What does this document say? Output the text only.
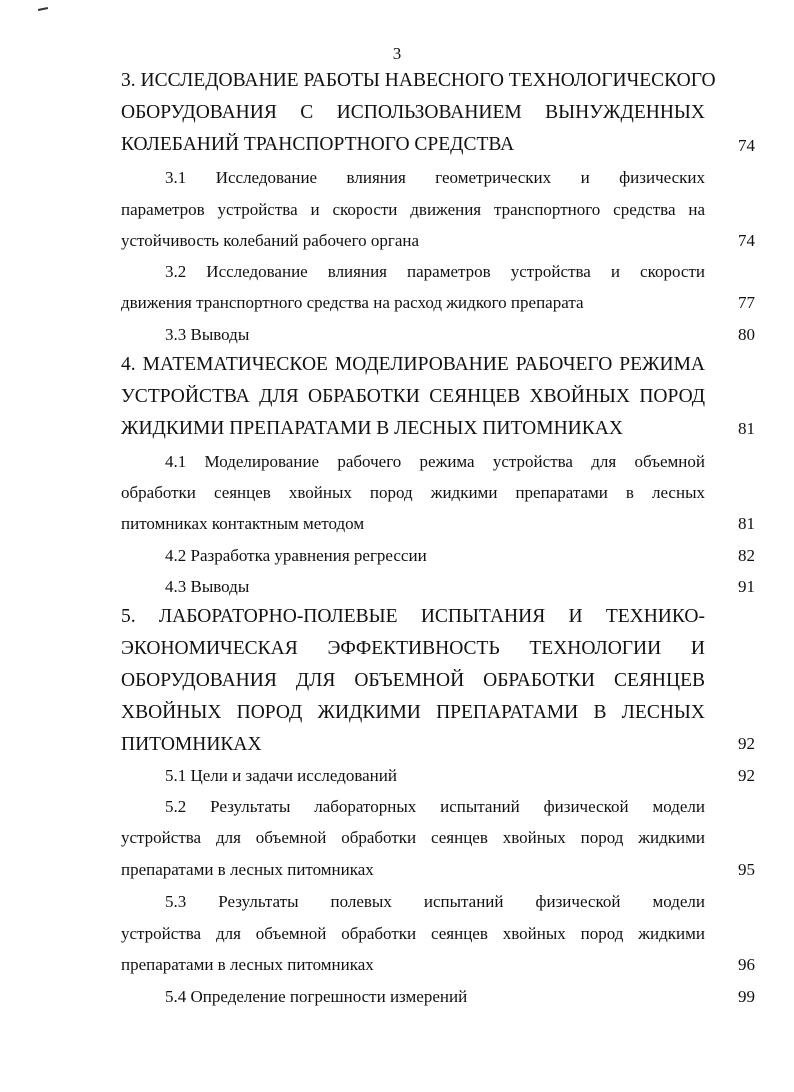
3
3. ИССЛЕДОВАНИЕ РАБОТЫ НАВЕСНОГО ТЕХНОЛОГИЧЕСКОГО
ОБОРУДОВАНИЯ С ИСПОЛЬЗОВАНИЕМ ВЫНУЖДЕННЫХ
КОЛЕБАНИЙ ТРАНСПОРТНОГО СРЕДСТВА	74
3.1 Исследование влияния геометрических и физических
параметров устройства и скорости движения транспортного средства на
устойчивость колебаний рабочего органа	74
3.2 Исследование влияния параметров устройства и скорости
движения транспортного средства на расход жидкого препарата	77
3.3 Выводы	80
4. МАТЕМАТИЧЕСКОЕ МОДЕЛИРОВАНИЕ РАБОЧЕГО РЕЖИМА
УСТРОЙСТВА ДЛЯ ОБРАБОТКИ СЕЯНЦЕВ ХВОЙНЫХ ПОРОД
ЖИДКИМИ ПРЕПАРАТАМИ В ЛЕСНЫХ ПИТОМНИКАХ	81
4.1 Моделирование рабочего режима устройства для объемной
обработки сеянцев хвойных пород жидкими препаратами в лесных
питомниках контактным методом	81
4.2 Разработка уравнения регрессии	82
4.3 Выводы	91
5. ЛАБОРАТОРНО-ПОЛЕВЫЕ ИСПЫТАНИЯ И ТЕХНИКО-
ЭКОНОМИЧЕСКАЯ ЭФФЕКТИВНОСТЬ ТЕХНОЛОГИИ И
ОБОРУДОВАНИЯ ДЛЯ ОБЪЕМНОЙ ОБРАБОТКИ СЕЯНЦЕВ
ХВОЙНЫХ ПОРОД ЖИДКИМИ ПРЕПАРАТАМИ В ЛЕСНЫХ
ПИТОМНИКАХ	92
5.1 Цели и задачи исследований	92
5.2 Результаты лабораторных испытаний физической модели
устройства для объемной обработки сеянцев хвойных пород жидкими
препаратами в лесных питомниках	95
5.3 Результаты полевых испытаний физической модели
устройства для объемной обработки сеянцев хвойных пород жидкими
препаратами в лесных питомниках	96
5.4 Определение погрешности измерений	99
